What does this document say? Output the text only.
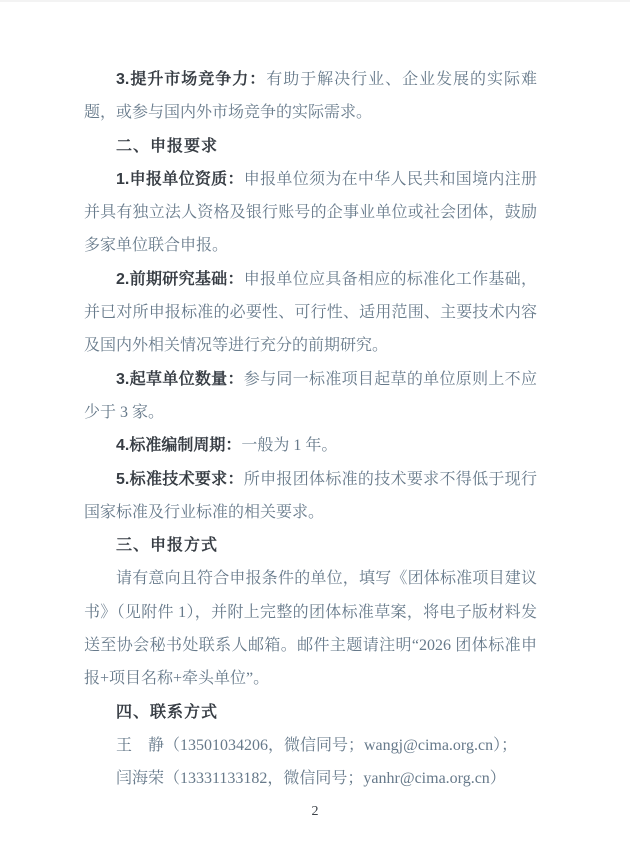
3.提升市场竞争力：有助于解决行业、企业发展的实际难题，或参与国内外市场竞争的实际需求。

二、申报要求

1.申报单位资质：申报单位须为在中华人民共和国境内注册并具有独立法人资格及银行账号的企事业单位或社会团体，鼓励多家单位联合申报。

2.前期研究基础：申报单位应具备相应的标准化工作基础，并已对所申报标准的必要性、可行性、适用范围、主要技术内容及国内外相关情况等进行充分的前期研究。

3.起草单位数量：参与同一标准项目起草的单位原则上不应少于 3 家。

4.标准编制周期：一般为 1 年。

5.标准技术要求：所申报团体标准的技术要求不得低于现行国家标准及行业标准的相关要求。

三、申报方式

请有意向且符合申报条件的单位，填写《团体标准项目建议书》（见附件 1），并附上完整的团体标准草案，将电子版材料发送至协会秘书处联系人邮箱。邮件主题请注明“2026 团体标准申报+项目名称+牵头单位”。

四、联系方式

王　静（13501034206，微信同号；wangj@cima.org.cn）；

闫海荣（13331133182，微信同号；yanhr@cima.org.cn）

2
